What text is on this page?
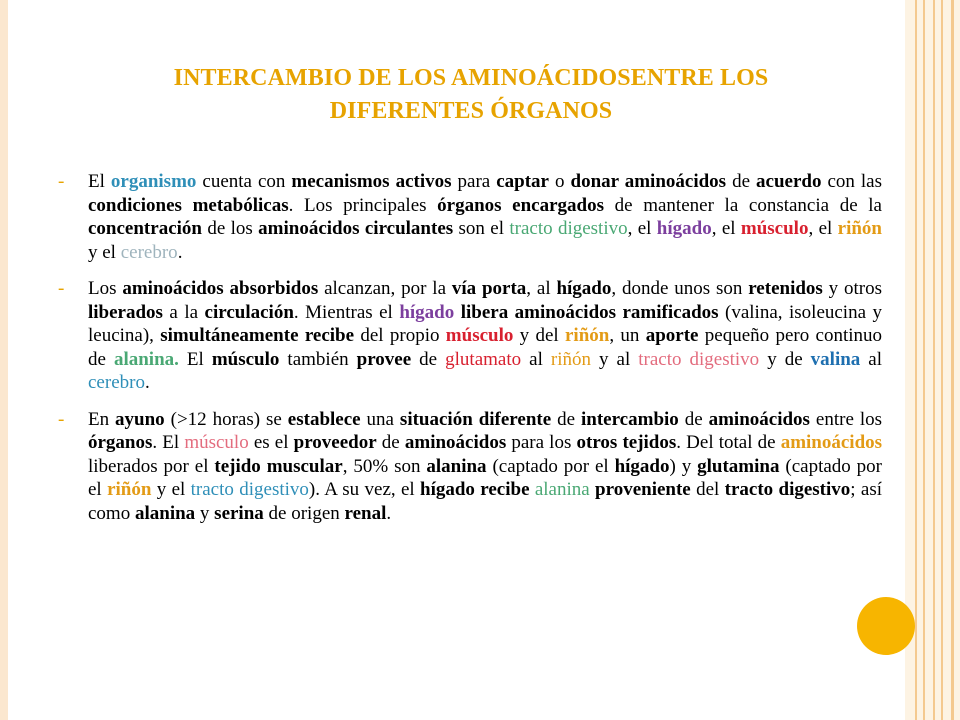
INTERCAMBIO DE LOS AMINOÁCIDOSENTRE LOS
DIFERENTES ÓRGANOS
- El organismo cuenta con mecanismos activos para captar o donar aminoácidos de acuerdo con las condiciones metabólicas. Los principales órganos encargados de mantener la constancia de la concentración de los aminoácidos circulantes son el tracto digestivo, el hígado, el músculo, el riñón y el cerebro.
- Los aminoácidos absorbidos alcanzan, por la vía porta, al hígado, donde unos son retenidos y otros liberados a la circulación. Mientras el hígado libera aminoácidos ramificados (valina, isoleucina y leucina), simultáneamente recibe del propio músculo y del riñón, un aporte pequeño pero continuo de alanina. El músculo también provee de glutamato al riñón y al tracto digestivo y de valina al cerebro.
- En ayuno (>12 horas) se establece una situación diferente de intercambio de aminoácidos entre los órganos. El músculo es el proveedor de aminoácidos para los otros tejidos. Del total de aminoácidos liberados por el tejido muscular, 50% son alanina (captado por el hígado) y glutamina (captado por el riñón y el tracto digestivo). A su vez, el hígado recibe alanina proveniente del tracto digestivo; así como alanina y serina de origen renal.
